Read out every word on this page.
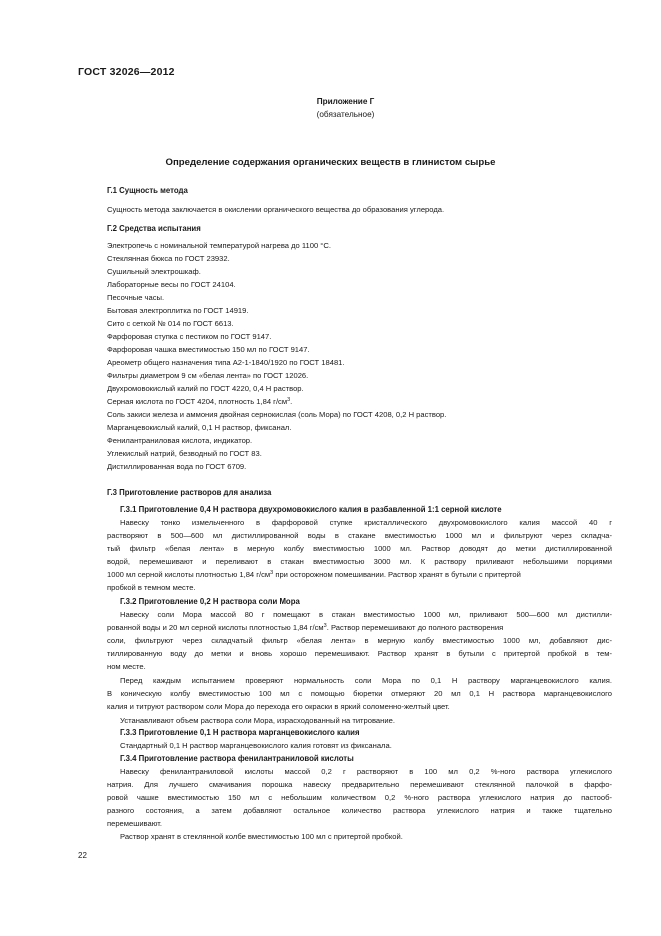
ГОСТ 32026—2012
Приложение Г
(обязательное)
Определение содержания органических веществ в глинистом сырье
Г.1 Сущность метода
Сущность метода заключается в окислении органического вещества до образования углерода.
Г.2 Средства испытания
Электропечь с номинальной температурой нагрева до 1100 °С.
Стеклянная бюкса по ГОСТ 23932.
Сушильный электрошкаф.
Лабораторные весы по ГОСТ 24104.
Песочные часы.
Бытовая электроплитка по ГОСТ 14919.
Сито с сеткой № 014 по ГОСТ 6613.
Фарфоровая ступка с пестиком по ГОСТ 9147.
Фарфоровая чашка вместимостью 150 мл по ГОСТ 9147.
Ареометр общего назначения типа А2-1-1840/1920 по ГОСТ 18481.
Фильтры диаметром 9 см «белая лента» по ГОСТ 12026.
Двухромовокислый калий по ГОСТ 4220, 0,4 Н раствор.
Серная кислота по ГОСТ 4204, плотность 1,84 $г/см^3$.
Соль закиси железа и аммония двойная сернокислая (соль Мора) по ГОСТ 4208, 0,2 Н раствор.
Марганцевокислый калий, 0,1 Н раствор, фиксанал.
Фенилантраниловая кислота, индикатор.
Углекислый натрий, безводный по ГОСТ 83.
Дистиллированная вода по ГОСТ 6709.
Г.3 Приготовление растворов для анализа
Г.3.1 Приготовление 0,4 Н раствора двухромовокислого калия в разбавленной 1:1 серной кислоте
Навеску тонко измельченного в фарфоровой ступке кристаллического двухромовокислого калия массой 40 г
растворяют в 500—600 мл дистиллированной воды в стакане вместимостью 1000 мл и фильтруют через складча-
тый фильтр «белая лента» в мерную колбу вместимостью 1000 мл. Раствор доводят до метки дистиллированной
водой, перемешивают и переливают в стакан вместимостью 3000 мл. К раствору приливают небольшими порциями
1000 мл серной кислоты плотностью 1,84 $г/см^3$ при осторожном помешивании. Раствор хранят в бутыли с притертой
пробкой в темном месте.
Г.3.2 Приготовление 0,2 Н раствора соли Мора
Навеску соли Мора массой 80 г помещают в стакан вместимостью 1000 мл, приливают 500—600 мл дистилли-
рованной воды и 20 мл серной кислоты плотностью 1,84 $г/см^3$. Раствор перемешивают до полного растворения
соли, фильтруют через складчатый фильтр «белая лента» в мерную колбу вместимостью 1000 мл, добавляют дис-
тиллированную воду до метки и вновь хорошо перемешивают. Раствор хранят в бутыли с притертой пробкой в тем-
ном месте.
Перед каждым испытанием проверяют нормальность соли Мора по 0,1 Н раствору марганцевокислого калия.
В коническую колбу вместимостью 100 мл с помощью бюретки отмеряют 20 мл 0,1 Н раствора марганцевокислого
калия и титруют раствором соли Мора до перехода его окраски в яркий соломенно-желтый цвет.
Устанавливают объем раствора соли Мора, израсходованный на титрование.
Г.3.3 Приготовление 0,1 Н раствора марганцевокислого калия
Стандартный 0,1 Н раствор марганцевокислого калия готовят из фиксанала.
Г.3.4 Приготовление раствора фенилантраниловой кислоты
Навеску фенилантраниловой кислоты массой 0,2 г растворяют в 100 мл 0,2 %-ного раствора углекислого
натрия. Для лучшего смачивания порошка навеску предварительно перемешивают стеклянной палочкой в фарфо-
ровой чашке вместимостью 150 мл с небольшим количеством 0,2 %-ного раствора углекислого натрия до пастооб-
разного состояния, а затем добавляют остальное количество раствора углекислого натрия и также тщательно
перемешивают.
Раствор хранят в стеклянной колбе вместимостью 100 мл с притертой пробкой.
22
